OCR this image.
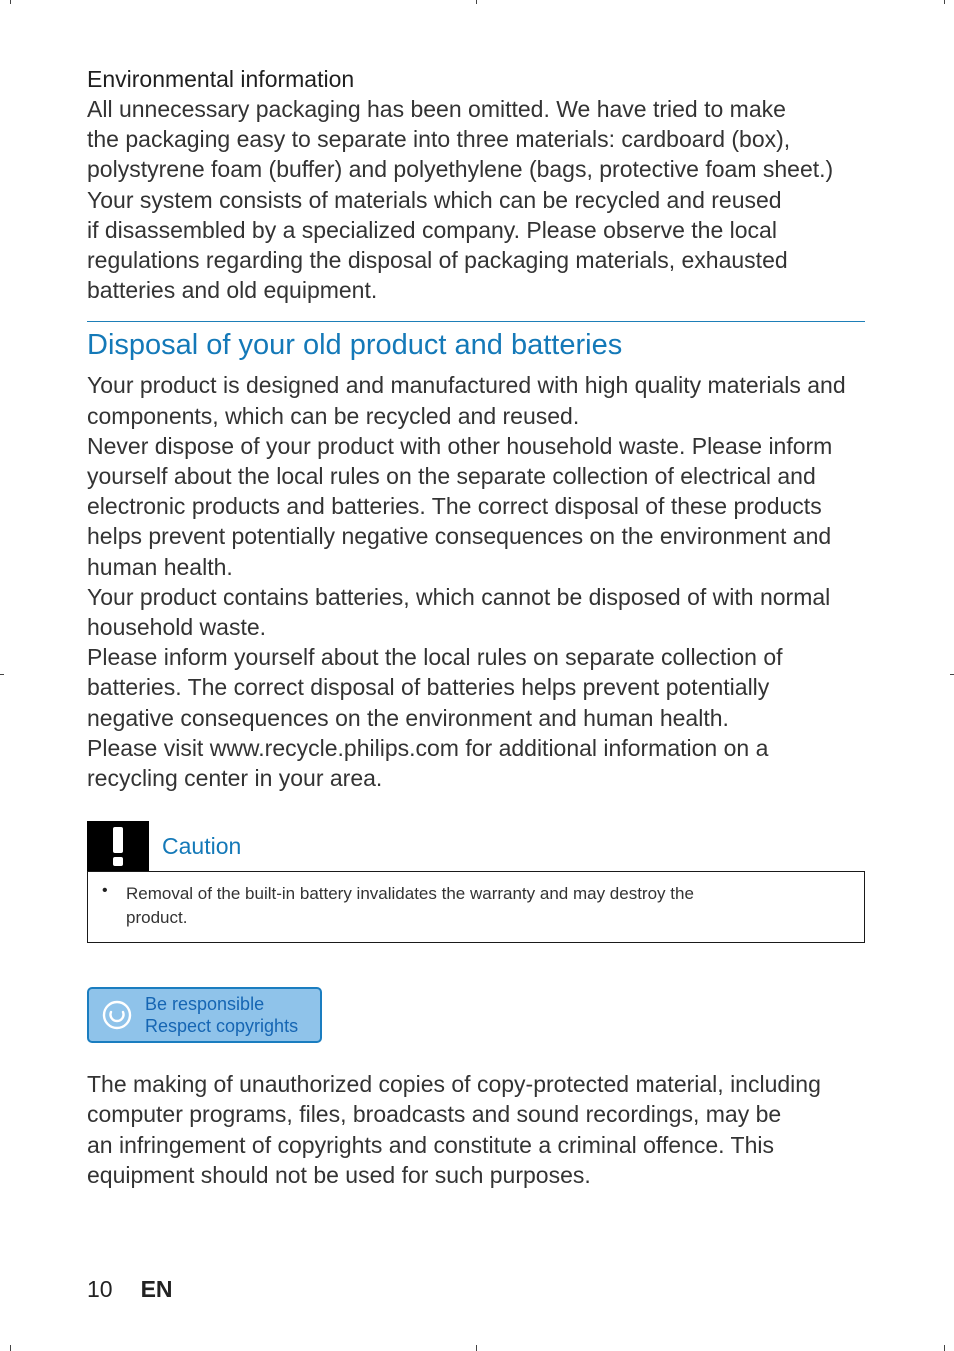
Environmental information

All unnecessary packaging has been omitted. We have tried to make
the packaging easy to separate into three materials: cardboard (box),
polystyrene foam (buffer) and polyethylene (bags, protective foam sheet.)
Your system consists of materials which can be recycled and reused
if disassembled by a specialized company. Please observe the local
regulations regarding the disposal of packaging materials, exhausted
batteries and old equipment.
Disposal of your old product and batteries
Your product is designed and manufactured with high quality materials and
components, which can be recycled and reused.
Never dispose of your product with other household waste. Please inform
yourself about the local rules on the separate collection of electrical and
electronic products and batteries. The correct disposal of these products
helps prevent potentially negative consequences on the environment and
human health.
Your product contains batteries, which cannot be disposed of with normal
household waste.
Please inform yourself about the local rules on separate collection of
batteries. The correct disposal of batteries helps prevent potentially
negative consequences on the environment and human health.
Please visit www.recycle.philips.com for additional information on a
recycling center in your area.
Caution
• Removal of the built-in battery invalidates the warranty and may destroy the
product.
Be responsible
Respect copyrights
The making of unauthorized copies of copy-protected material, including
computer programs, files, broadcasts and sound recordings, may be
an infringement of copyrights and constitute a criminal offence. This
equipment should not be used for such purposes.
10 EN
